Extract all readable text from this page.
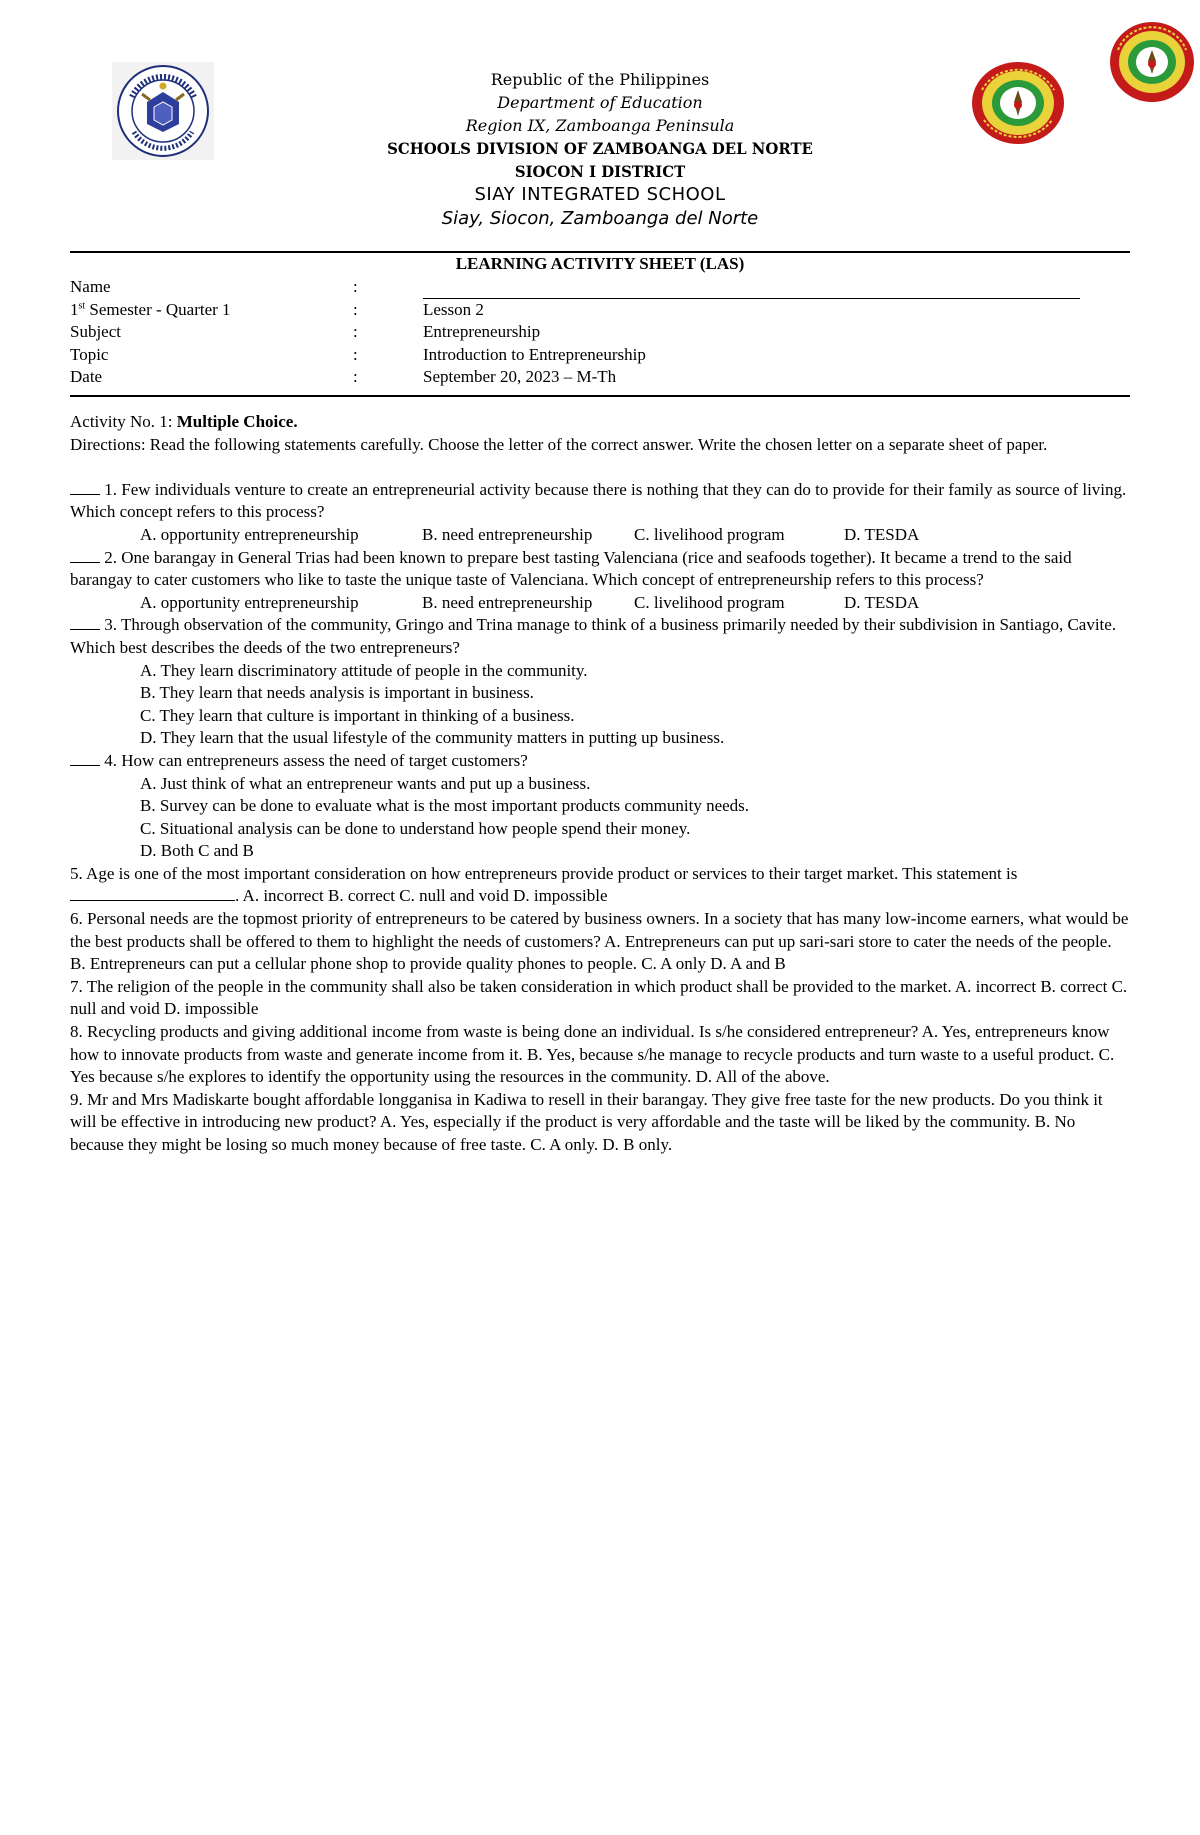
Republic of the Philippines
Department of Education
Region IX, Zamboanga Peninsula
SCHOOLS DIVISION OF ZAMBOANGA DEL NORTE
SIOCON I DISTRICT
SIAY INTEGRATED SCHOOL
Siay, Siocon, Zamboanga del Norte
LEARNING ACTIVITY SHEET (LAS)
Name	:
1st Semester - Quarter 1	:	Lesson 2
Subject	:	Entrepreneurship
Topic	:	Introduction to Entrepreneurship
Date	:	September 20, 2023 – M-Th

Activity No. 1: Multiple Choice.

Directions: Read the following statements carefully. Choose the letter of the correct answer. Write the chosen letter on a separate sheet of paper.

1. Few individuals venture to create an entrepreneurial activity because there is nothing that they can do to provide for their family as source of living. Which concept refers to this process?

A. opportunity entrepreneurship	B. need entrepreneurship C. livelihood program	D. TESDA

2. One barangay in General Trias had been known to prepare best tasting Valenciana (rice and seafoods together). It became a trend to the said barangay to cater customers who like to taste the unique taste of Valenciana. Which concept of entrepreneurship refers to this process?

A. opportunity entrepreneurship	B. need entrepreneurship C. livelihood program	D. TESDA

3. Through observation of the community, Gringo and Trina manage to think of a business primarily needed by their subdivision in Santiago, Cavite. Which best describes the deeds of the two entrepreneurs?

A. They learn discriminatory attitude of people in the community.

B. They learn that needs analysis is important in business.

C. They learn that culture is important in thinking of a business.

D. They learn that the usual lifestyle of the community matters in putting up business.

4. How can entrepreneurs assess the need of target customers?

A. Just think of what an entrepreneur wants and put up a business.

B. Survey can be done to evaluate what is the most important products community needs.

C. Situational analysis can be done to understand how people spend their money.

D. Both C and B

5. Age is one of the most important consideration on how entrepreneurs provide product or services to their target market. This statement is. A. incorrect B. correct C. null and void D. impossible

6. Personal needs are the topmost priority of entrepreneurs to be catered by business owners. In a society that has many low-income earners, what would be the best products shall be offered to them to highlight the needs of customers? A. Entrepreneurs can put up sari-sari store to cater the needs of the people. B. Entrepreneurs can put a cellular phone shop to provide quality phones to people. C. A only D. A and B

7. The religion of the people in the community shall also be taken consideration in which product shall be provided to the market. A. incorrect B. correct C. null and void D. impossible

8. Recycling products and giving additional income from waste is being done an individual. Is s/he considered entrepreneur? A. Yes, entrepreneurs know how to innovate products from waste and generate income from it. B. Yes, because s/he manage to recycle products and turn waste to a useful product. C. Yes because s/he explores to identify the opportunity using the resources in the community. D. All of the above.

9. Mr and Mrs Madiskarte bought affordable longganisa in Kadiwa to resell in their barangay. They give free taste for the new products. Do you think it will be effective in introducing new product? A. Yes, especially if the product is very affordable and the taste will be liked by the community. B. No because they might be losing so much money because of free taste. C. A only. D. B only.
